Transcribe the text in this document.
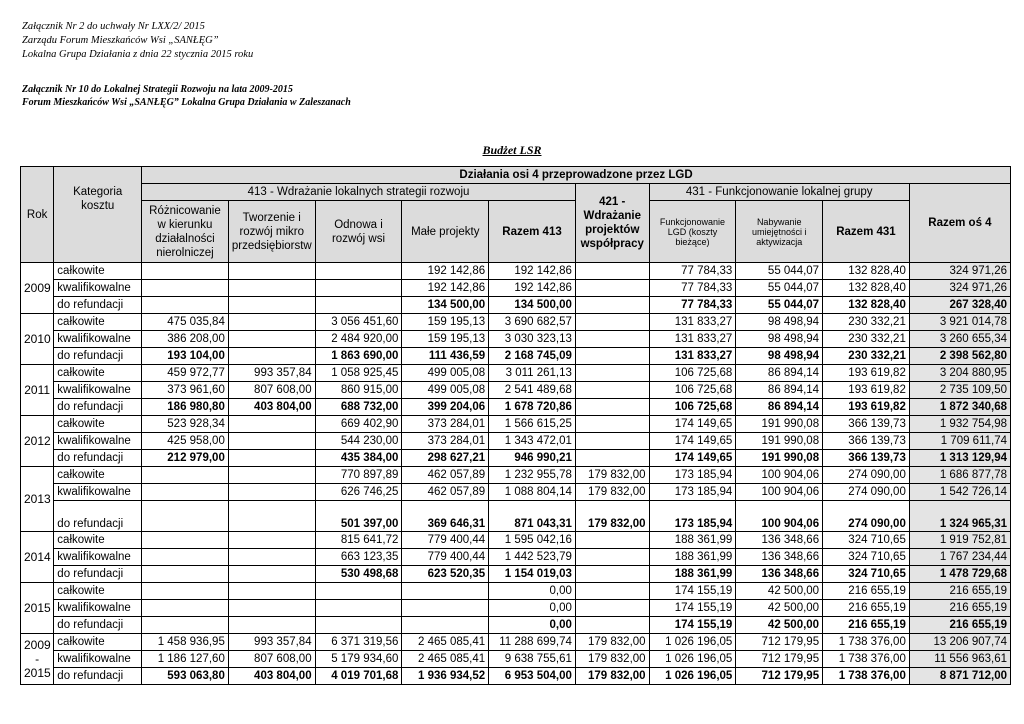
Załącznik Nr 2 do uchwały Nr LXX/2/ 2015
Zarządu Forum Mieszkańców Wsi „SANŁĘG”
Lokalna Grupa Działania z dnia 22 stycznia 2015 roku
Załącznik Nr 10 do Lokalnej Strategii Rozwoju na lata 2009-2015
Forum Mieszkańców Wsi „SANŁĘG” Lokalna Grupa Działania w Zaleszanach
Budżet LSR
Rok	Kategoria kosztu	Działania osi 4 przeprowadzone przez LGD									
		413 - Wdrażanie lokalnych strategii rozwoju					421 - Wdrażanie projektów współpracy	431 - Funkcjonowanie lokalnej grupy			Razem oś 4
		Różnicowanie w kierunku działalności nierolniczej	Tworzenie i rozwój mikro przedsiębiorstw	Odnowa i rozwój wsi	Małe projekty	Razem 413		Funkcjonowanie LGD (koszty bieżące)	Nabywanie umiejętności i aktywizacja	Razem 431	
2009	całkowite				192 142,86	192 142,86		77 784,33	55 044,07	132 828,40	324 971,26
	kwalifikowalne				192 142,86	192 142,86		77 784,33	55 044,07	132 828,40	324 971,26
	do refundacji				134 500,00	134 500,00		77 784,33	55 044,07	132 828,40	267 328,40
2010	całkowite	475 035,84		3 056 451,60	159 195,13	3 690 682,57		131 833,27	98 498,94	230 332,21	3 921 014,78
	kwalifikowalne	386 208,00		2 484 920,00	159 195,13	3 030 323,13		131 833,27	98 498,94	230 332,21	3 260 655,34
	do refundacji	193 104,00		1 863 690,00	111 436,59	2 168 745,09		131 833,27	98 498,94	230 332,21	2 398 562,80
2011	całkowite	459 972,77	993 357,84	1 058 925,45	499 005,08	3 011 261,13		106 725,68	86 894,14	193 619,82	3 204 880,95
	kwalifikowalne	373 961,60	807 608,00	860 915,00	499 005,08	2 541 489,68		106 725,68	86 894,14	193 619,82	2 735 109,50
	do refundacji	186 980,80	403 804,00	688 732,00	399 204,06	1 678 720,86		106 725,68	86 894,14	193 619,82	1 872 340,68
2012	całkowite	523 928,34		669 402,90	373 284,01	1 566 615,25		174 149,65	191 990,08	366 139,73	1 932 754,98
	kwalifikowalne	425 958,00		544 230,00	373 284,01	1 343 472,01		174 149,65	191 990,08	366 139,73	1 709 611,74
	do refundacji	212 979,00		435 384,00	298 627,21	946 990,21		174 149,65	191 990,08	366 139,73	1 313 129,94
2013	całkowite			770 897,89	462 057,89	1 232 955,78	179 832,00	173 185,94	100 904,06	274 090,00	1 686 877,78
	kwalifikowalne			626 746,25	462 057,89	1 088 804,14	179 832,00	173 185,94	100 904,06	274 090,00	1 542 726,14
	do refundacji			501 397,00	369 646,31	871 043,31	179 832,00	173 185,94	100 904,06	274 090,00	1 324 965,31
2014	całkowite			815 641,72	779 400,44	1 595 042,16		188 361,99	136 348,66	324 710,65	1 919 752,81
	kwalifikowalne			663 123,35	779 400,44	1 442 523,79		188 361,99	136 348,66	324 710,65	1 767 234,44
	do refundacji			530 498,68	623 520,35	1 154 019,03		188 361,99	136 348,66	324 710,65	1 478 729,68
2015	całkowite					0,00		174 155,19	42 500,00	216 655,19	216 655,19
	kwalifikowalne					0,00		174 155,19	42 500,00	216 655,19	216 655,19
	do refundacji					0,00		174 155,19	42 500,00	216 655,19	216 655,19

2009
-
2015	całkowite	1 458 936,95	993 357,84	6 371 319,56	2 465 085,41	11 288 699,74	179 832,00	1 026 196,05	712 179,95	1 738 376,00	13 206 907,74
	kwalifikowalne	1 186 127,60	807 608,00	5 179 934,60	2 465 085,41	9 638 755,61	179 832,00	1 026 196,05	712 179,95	1 738 376,00	11 556 963,61
	do refundacji	593 063,80	403 804,00	4 019 701,68	1 936 934,52	6 953 504,00	179 832,00	1 026 196,05	712 179,95	1 738 376,00	8 871 712,00
